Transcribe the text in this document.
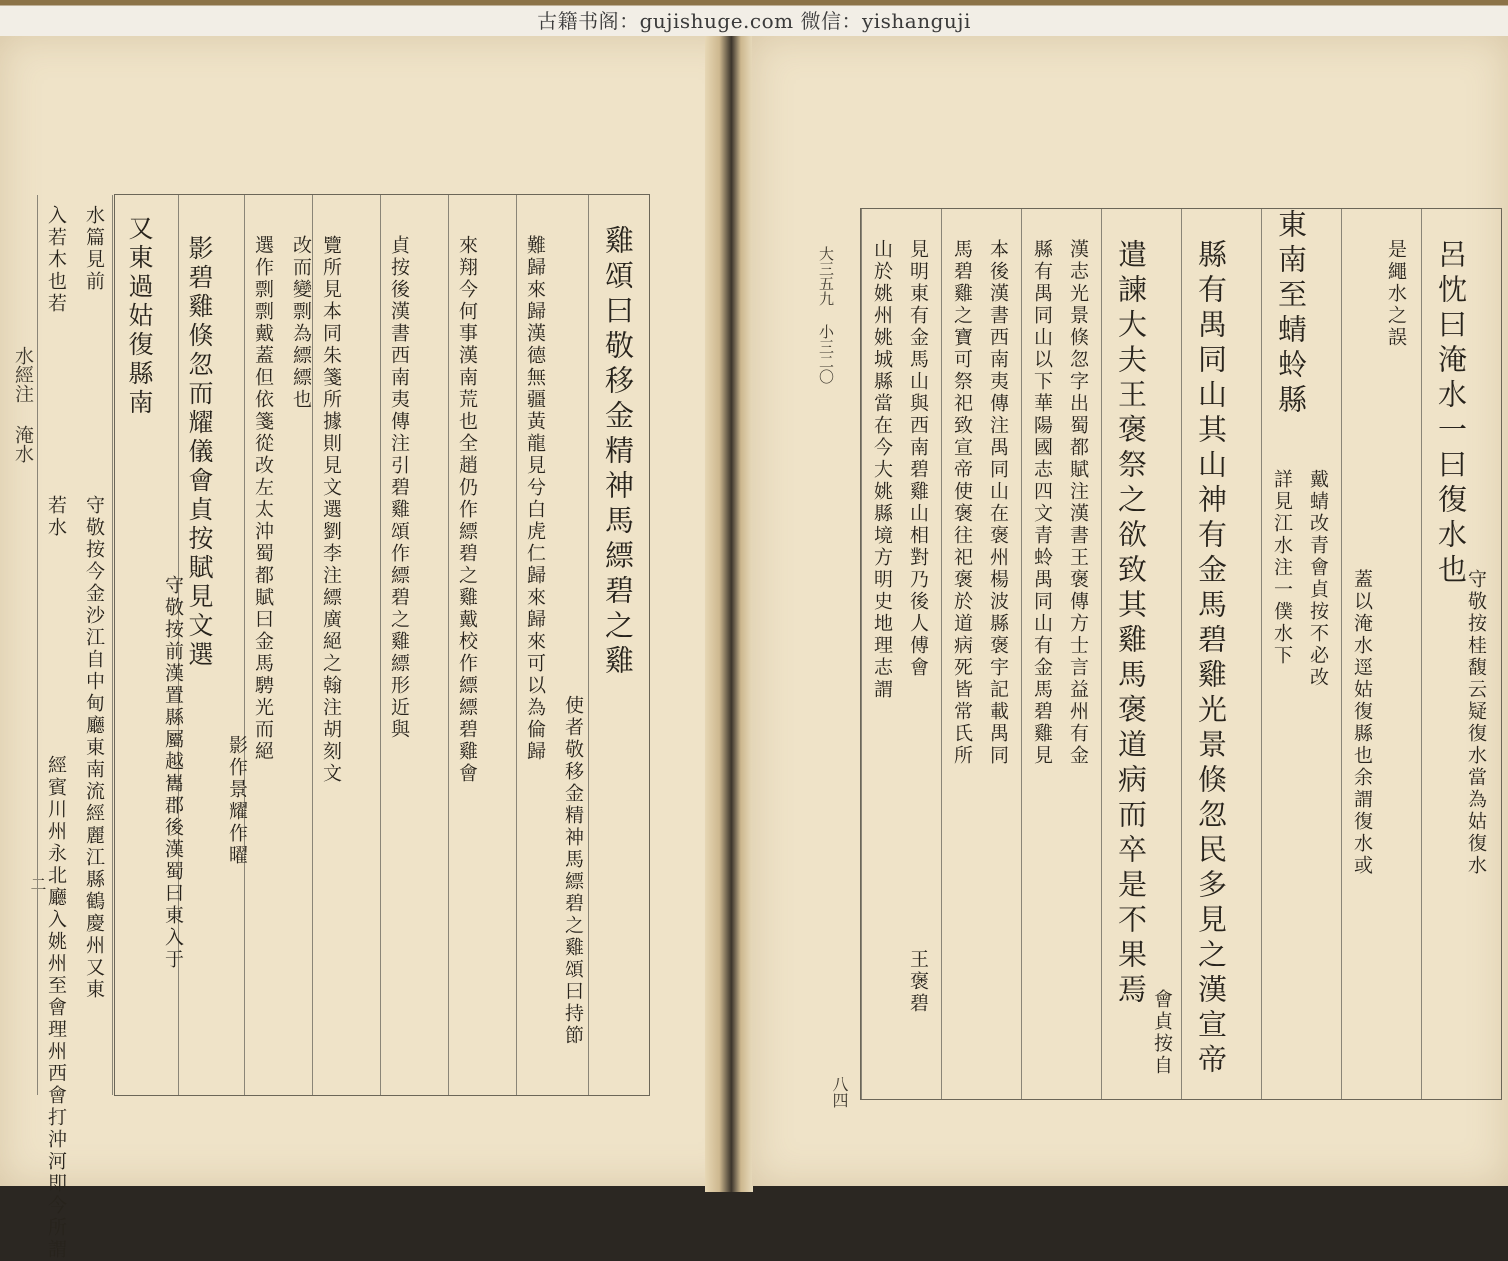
古籍书阁：gujishuge.com 微信：yishanguji
水經注 淹水
二
雞頌曰敬移金精神馬縹碧之雞
難歸來歸漢德無疆黃龍見兮白虎仁歸來歸來可以為倫歸
使者敬移金精神馬縹碧之雞頌曰持節
來翔今何事漢南荒也全趙仍作縹碧之雞戴校作縹縹碧雞會
貞按後漢書西南夷傳注引碧雞頌作縹碧之雞縹形近與
覽所見本同朱箋所據則見文選劉李注縹廣絕之翰注胡刻文
選作剽剽戴蓋但依箋從改左太沖蜀都賦曰金馬騁光而絕 改而變剽為縹縹也
影碧雞倏忽而耀儀會貞按賦見文選
影作景耀作曜
又東過姑復縣南
守敬按前漢置縣屬越巂郡後漢蜀曰東入于
入若木也若 水篇見前
若水 守敬按今金沙江自中甸廳東南流經麗江縣鶴慶州又東
經賓川州永北廳入姚州至會理州西會打沖河即今所謂
大三五九 小三二〇
八四
呂忱曰淹水一曰復水也
守敬按桂馥云疑復水當為姑復水
蓋以淹水逕姑復縣也余謂復水或
是繩水之誤
東南至蜻蛉縣
戴蜻改青會貞按不必改
詳見江水注一僕水下
縣有禺同山其山神有金馬碧雞光景倏忽民多見之漢宣帝
遣諫大夫王褒祭之欲致其雞馬褒道病而卒是不果焉
會貞按自
縣有禺同山以下華陽國志四文青蛉禺同山有金馬碧雞見 漢志光景倏忽字出蜀都賦注漢書王褒傳方士言益州有金
馬碧雞之寶可祭祀致宣帝使褒往祀褒於道病死皆常氏所 本後漢書西南夷傳注禺同山在褒州楊波縣褒宇記載禺同
山於姚州姚城縣當在今大姚縣境方明史地理志謂
王褒碧
見明東有金馬山與西南碧雞山相對乃後人傅會
